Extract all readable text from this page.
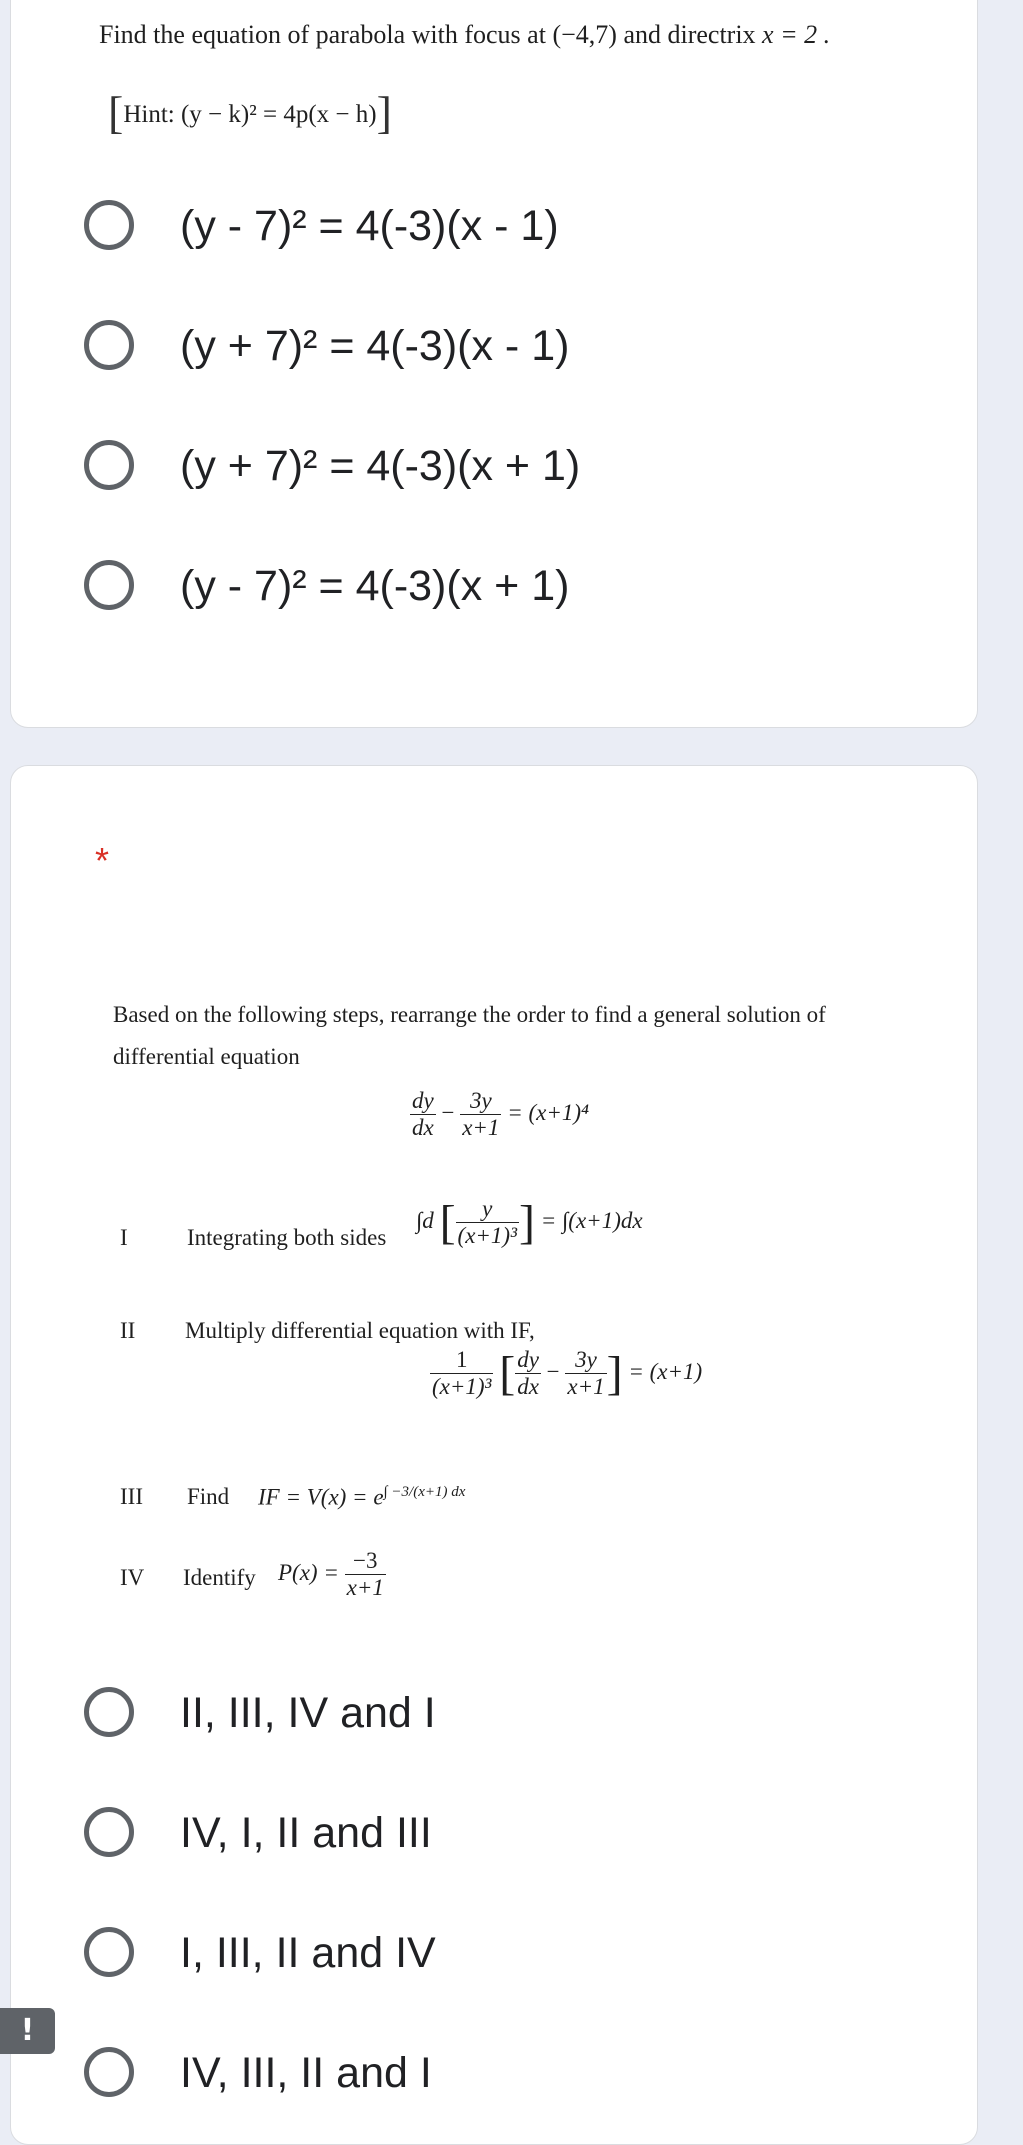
Find the equation of parabola with focus at (−4,7) and directrix x = 2 .
[Hint: (y − k)² = 4p(x − h)]
(y - 7)² = 4(-3)(x - 1)
(y + 7)² = 4(-3)(x - 1)
(y + 7)² = 4(-3)(x + 1)
(y - 7)² = 4(-3)(x + 1)
*
Based on the following steps, rearrange the order to find a general solution of
differential equation
$\frac{dy}{dx} - \frac{3y}{x+1} = (x+1)^4$
I	Integrating both sides
∫d [ $\frac{y}{\text{(x+1)³}}$ ] = ∫(x+1)dx
II Multiply differential equation with IF,
$\frac{1}{\text{(x+1)³}}$ [ $\frac{dy}{dx} - \frac{3y}{x+1}$ ] = (x+1)
III Find IF = $V(x) = e^{\int -3/(x+1) dx}$
IV Identify $P(x) = \frac{-3}{x+1}$
II, III, IV and I
IV, I, II and III
I, III, II and IV
IV, III, II and I
!
